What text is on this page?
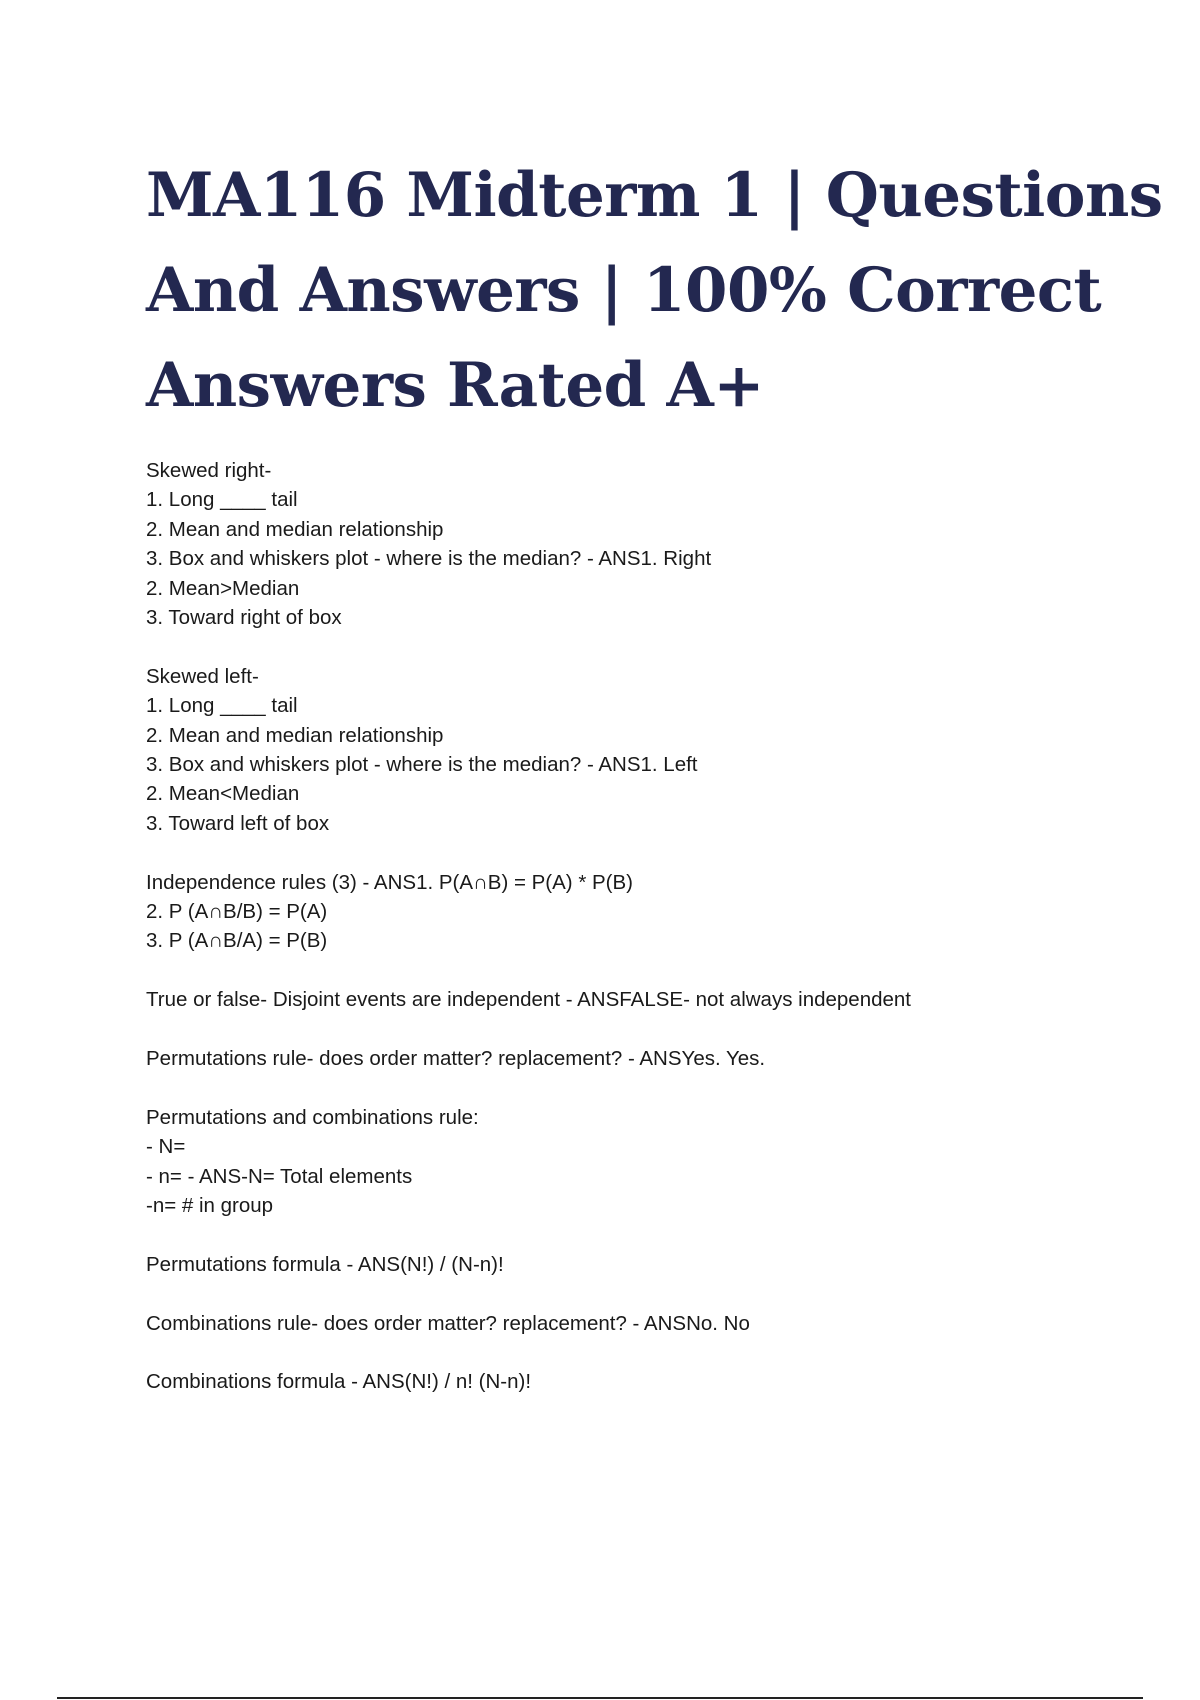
MA116 Midterm 1 | Questions
And Answers | 100% Correct
Answers Rated A+
Skewed right-
1. Long ____ tail
2. Mean and median relationship
3. Box and whiskers plot - where is the median? - ANS1. Right
2. Mean>Median
3. Toward right of box
Skewed left-
1. Long ____ tail
2. Mean and median relationship
3. Box and whiskers plot - where is the median? - ANS1. Left
2. Mean<Median
3. Toward left of box
Independence rules (3) - ANS1. P(A∩B) = P(A) * P(B)
2. P (A∩B/B) = P(A)
3. P (A∩B/A) = P(B)
True or false- Disjoint events are independent - ANSFALSE- not always independent
Permutations rule- does order matter? replacement? - ANSYes. Yes.
Permutations and combinations rule:
- N=
- n= - ANS-N= Total elements
-n= # in group
Permutations formula - ANS(N!) / (N-n)!
Combinations rule- does order matter? replacement? - ANSNo. No
Combinations formula - ANS(N!) / n! (N-n)!
